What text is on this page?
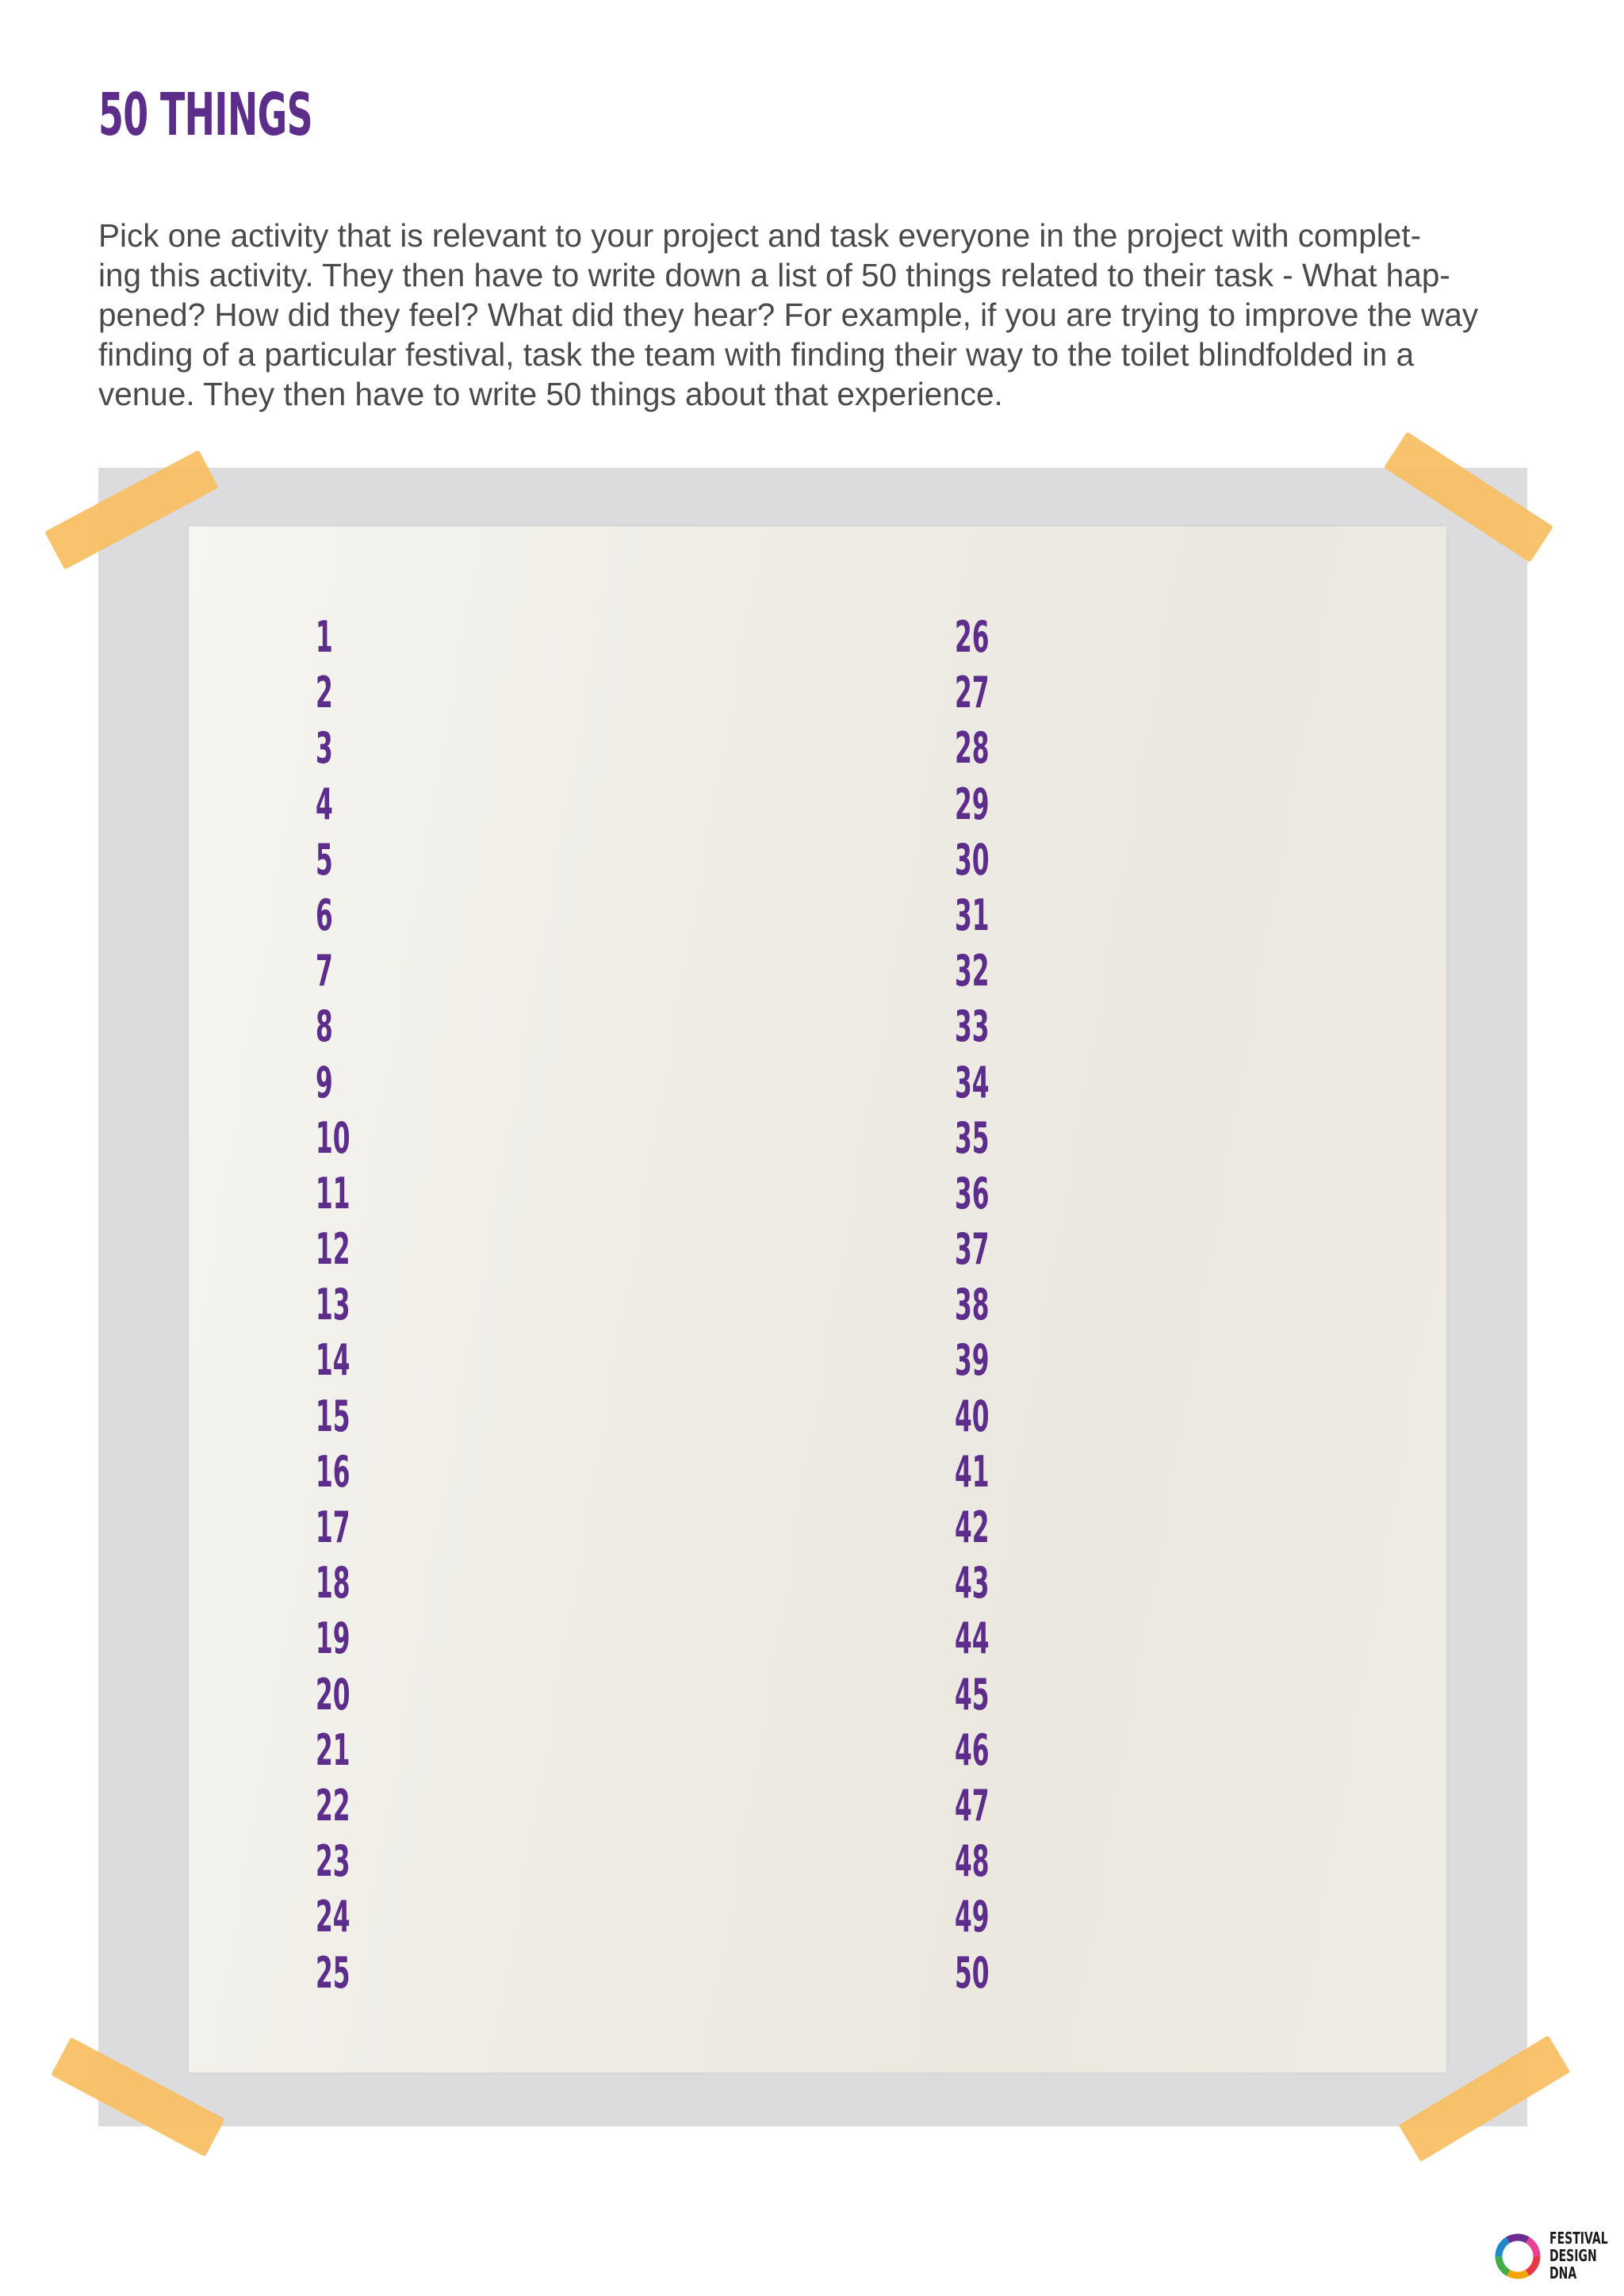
50 THINGS
Pick one activity that is relevant to your project and task everyone in the project with complet-
ing this activity. They then have to write down a list of 50 things related to their task - What hap-
pened? How did they feel? What did they hear? For example, if you are trying to improve the way
finding of a particular festival, task the team with finding their way to the toilet blindfolded in a
venue. They then have to write 50 things about that experience.
1
2
3
4
5
6
7
8
9
10
11
12
13
14
15
16
17
18
19
20
21
22
23
24
25
26
27
28
29
30
31
32
33
34
35
36
37
38
39
40
41
42
43
44
45
46
47
48
49
50
FESTIVAL
DESIGN
DNA
